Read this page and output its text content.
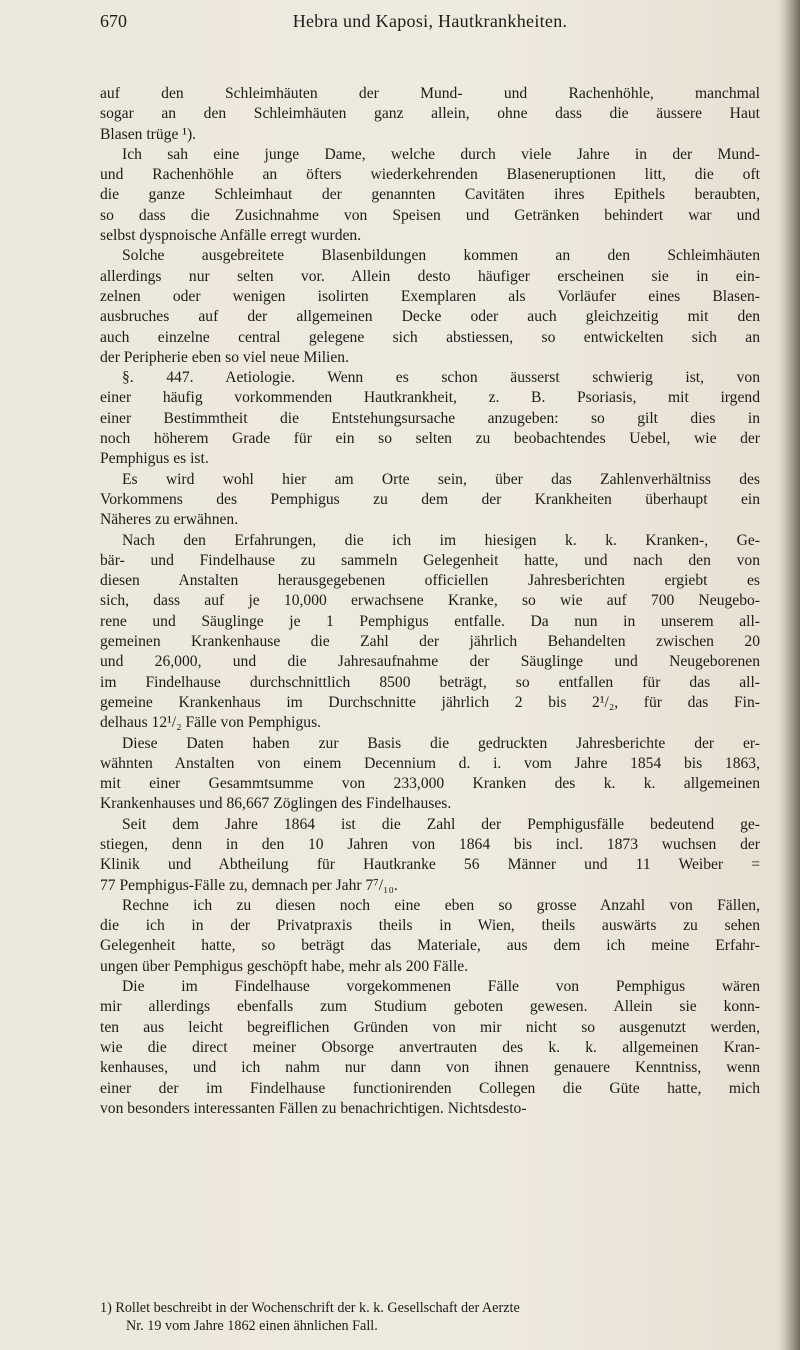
670	Hebra und Kaposi, Hautkrankheiten.
auf den Schleimhäuten der Mund- und Rachenhöhle, manchmal
sogar an den Schleimhäuten ganz allein, ohne dass die äussere Haut
Blasen trüge ¹).
Ich sah eine junge Dame, welche durch viele Jahre in der Mund-
und Rachenhöhle an öfters wiederkehrenden Blaseneruptionen litt, die oft
die ganze Schleimhaut der genannten Cavitäten ihres Epithels beraubten,
so dass die Zusichnahme von Speisen und Getränken behindert war und
selbst dyspnoische Anfälle erregt wurden.
Solche ausgebreitete Blasenbildungen kommen an den Schleimhäuten
allerdings nur selten vor. Allein desto häufiger erscheinen sie in ein-
zelnen oder wenigen isolirten Exemplaren als Vorläufer eines Blasen-
ausbruches auf der allgemeinen Decke oder auch gleichzeitig mit den
auch einzelne central gelegene sich abstiessen, so entwickelten sich an
der Peripherie eben so viel neue Milien.
§. 447. Aetiologie. Wenn es schon äusserst schwierig ist, von
einer häufig vorkommenden Hautkrankheit, z. B. Psoriasis, mit irgend
einer Bestimmtheit die Entstehungsursache anzugeben: so gilt dies in
noch höherem Grade für ein so selten zu beobachtendes Uebel, wie der
Pemphigus es ist.
Es wird wohl hier am Orte sein, über das Zahlenverhältniss des
Vorkommens des Pemphigus zu dem der Krankheiten überhaupt ein
Näheres zu erwähnen.
Nach den Erfahrungen, die ich im hiesigen k. k. Kranken-, Ge-
bär- und Findelhause zu sammeln Gelegenheit hatte, und nach den von
diesen Anstalten herausgegebenen officiellen Jahresberichten ergiebt es
sich, dass auf je 10,000 erwachsene Kranke, so wie auf 700 Neugebo-
rene und Säuglinge je 1 Pemphigus entfalle. Da nun in unserem all-
gemeinen Krankenhause die Zahl der jährlich Behandelten zwischen 20
und 26,000, und die Jahresaufnahme der Säuglinge und Neugeborenen
im Findelhause durchschnittlich 8500 beträgt, so entfallen für das all-
gemeine Krankenhaus im Durchschnitte jährlich 2 bis 2¹/₂, für das Fin-
delhaus 12¹/₂ Fälle von Pemphigus.
Diese Daten haben zur Basis die gedruckten Jahresberichte der er-
wähnten Anstalten von einem Decennium d. i. vom Jahre 1854 bis 1863,
mit einer Gesammtsumme von 233,000 Kranken des k. k. allgemeinen
Krankenhauses und 86,667 Zöglingen des Findelhauses.
Seit dem Jahre 1864 ist die Zahl der Pemphigusfälle bedeutend ge-
stiegen, denn in den 10 Jahren von 1864 bis incl. 1873 wuchsen der
Klinik und Abtheilung für Hautkranke 56 Männer und 11 Weiber =
77 Pemphigus-Fälle zu, demnach per Jahr 7⁷/₁₀.
Rechne ich zu diesen noch eine eben so grosse Anzahl von Fällen,
die ich in der Privatpraxis theils in Wien, theils auswärts zu sehen
Gelegenheit hatte, so beträgt das Materiale, aus dem ich meine Erfahr-
ungen über Pemphigus geschöpft habe, mehr als 200 Fälle.
Die im Findelhause vorgekommenen Fälle von Pemphigus wären
mir allerdings ebenfalls zum Studium geboten gewesen. Allein sie konn-
ten aus leicht begreiflichen Gründen von mir nicht so ausgenutzt werden,
wie die direct meiner Obsorge anvertrauten des k. k. allgemeinen Kran-
kenhauses, und ich nahm nur dann von ihnen genauere Kenntniss, wenn
einer der im Findelhause functionirenden Collegen die Güte hatte, mich
von besonders interessanten Fällen zu benachrichtigen. Nichtsdesto-
1) Rollet beschreibt in der Wochenschrift der k. k. Gesellschaft der Aerzte
Nr. 19 vom Jahre 1862 einen ähnlichen Fall.
